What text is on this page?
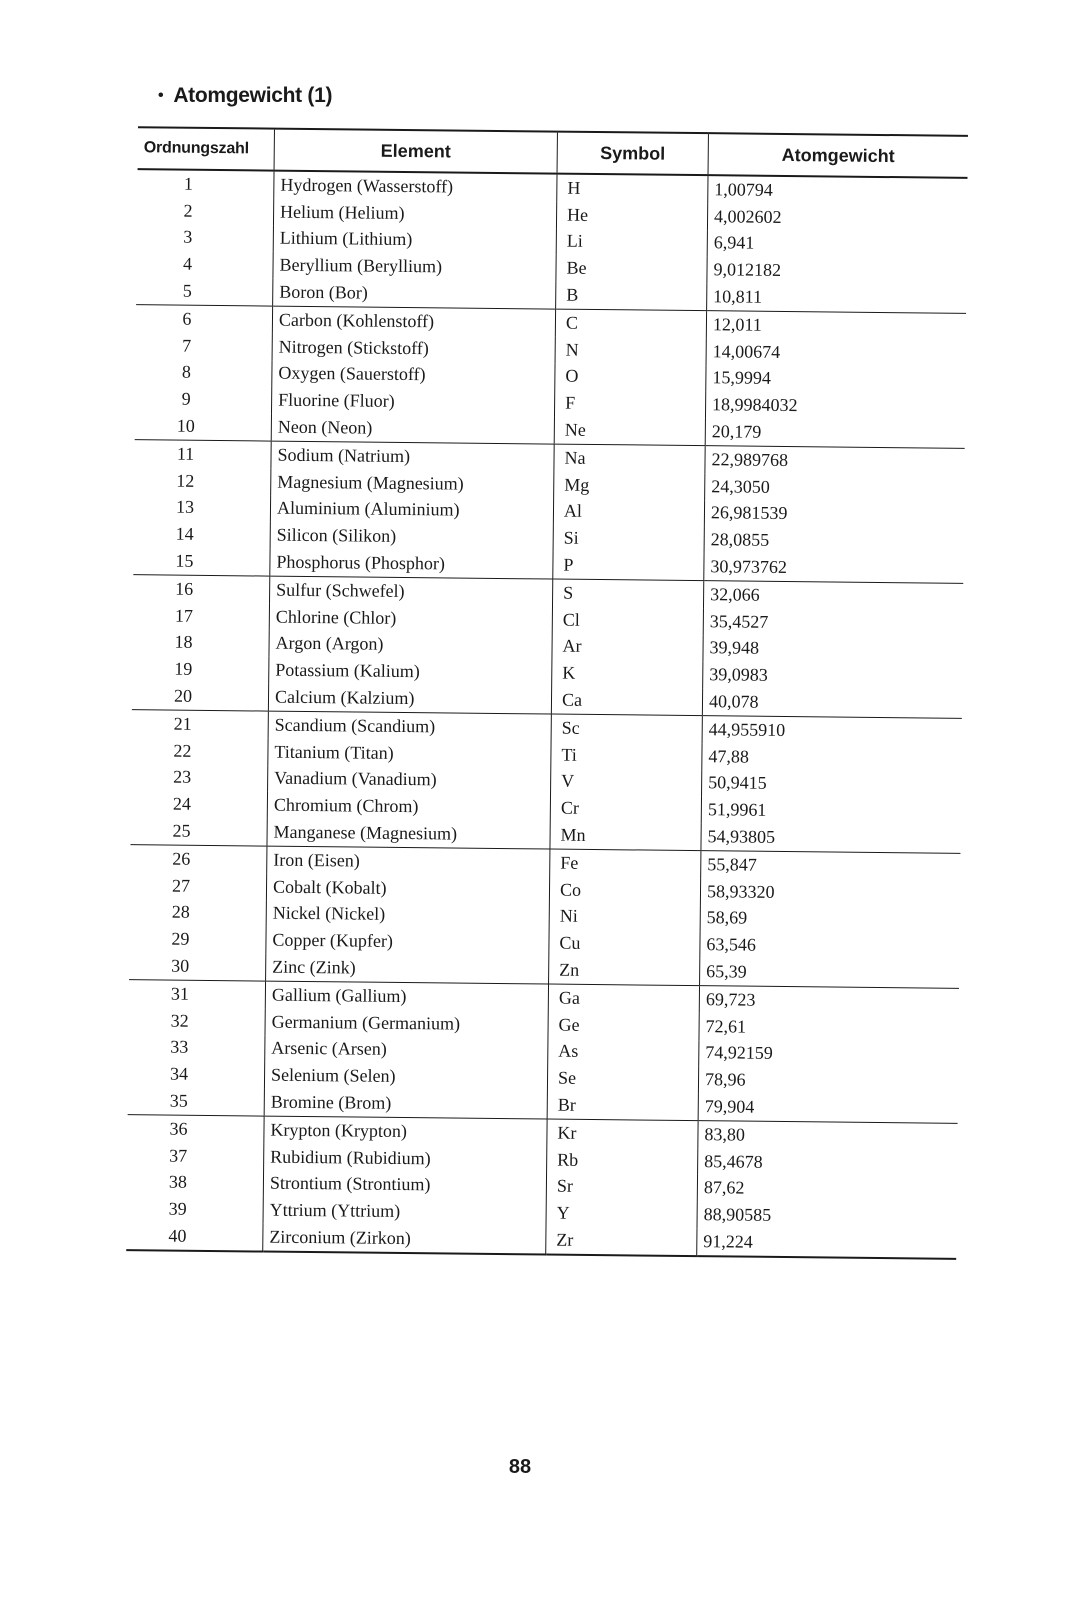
• Atomgewicht (1)
Ordnungszahl	Element	Symbol	Atomgewicht
1	Hydrogen (Wasserstoff)	H	1,00794
2	Helium (Helium)	He	4,002602
3	Lithium (Lithium)	Li	6,941
4	Beryllium (Beryllium)	Be	9,012182
5	Boron (Bor)	B	10,811
6	Carbon (Kohlenstoff)	C	12,011
7	Nitrogen (Stickstoff)	N	14,00674
8	Oxygen (Sauerstoff)	O	15,9994
9	Fluorine (Fluor)	F	18,9984032
10	Neon (Neon)	Ne	20,179
11	Sodium (Natrium)	Na	22,989768
12	Magnesium (Magnesium)	Mg	24,3050
13	Aluminium (Aluminium)	Al	26,981539
14	Silicon (Silikon)	Si	28,0855
15	Phosphorus (Phosphor)	P	30,973762
16	Sulfur (Schwefel)	S	32,066
17	Chlorine (Chlor)	Cl	35,4527
18	Argon (Argon)	Ar	39,948
19	Potassium (Kalium)	K	39,0983
20	Calcium (Kalzium)	Ca	40,078
21	Scandium (Scandium)	Sc	44,955910
22	Titanium (Titan)	Ti	47,88
23	Vanadium (Vanadium)	V	50,9415
24	Chromium (Chrom)	Cr	51,9961
25	Manganese (Magnesium)	Mn	54,93805
26	Iron (Eisen)	Fe	55,847
27	Cobalt (Kobalt)	Co	58,93320
28	Nickel (Nickel)	Ni	58,69
29	Copper (Kupfer)	Cu	63,546
30	Zinc (Zink)	Zn	65,39
31	Gallium (Gallium)	Ga	69,723
32	Germanium (Germanium)	Ge	72,61
33	Arsenic (Arsen)	As	74,92159
34	Selenium (Selen)	Se	78,96
35	Bromine (Brom)	Br	79,904
36	Krypton (Krypton)	Kr	83,80
37	Rubidium (Rubidium)	Rb	85,4678
38	Strontium (Strontium)	Sr	87,62
39	Yttrium (Yttrium)	Y	88,90585
40	Zirconium (Zirkon)	Zr	91,224
88
